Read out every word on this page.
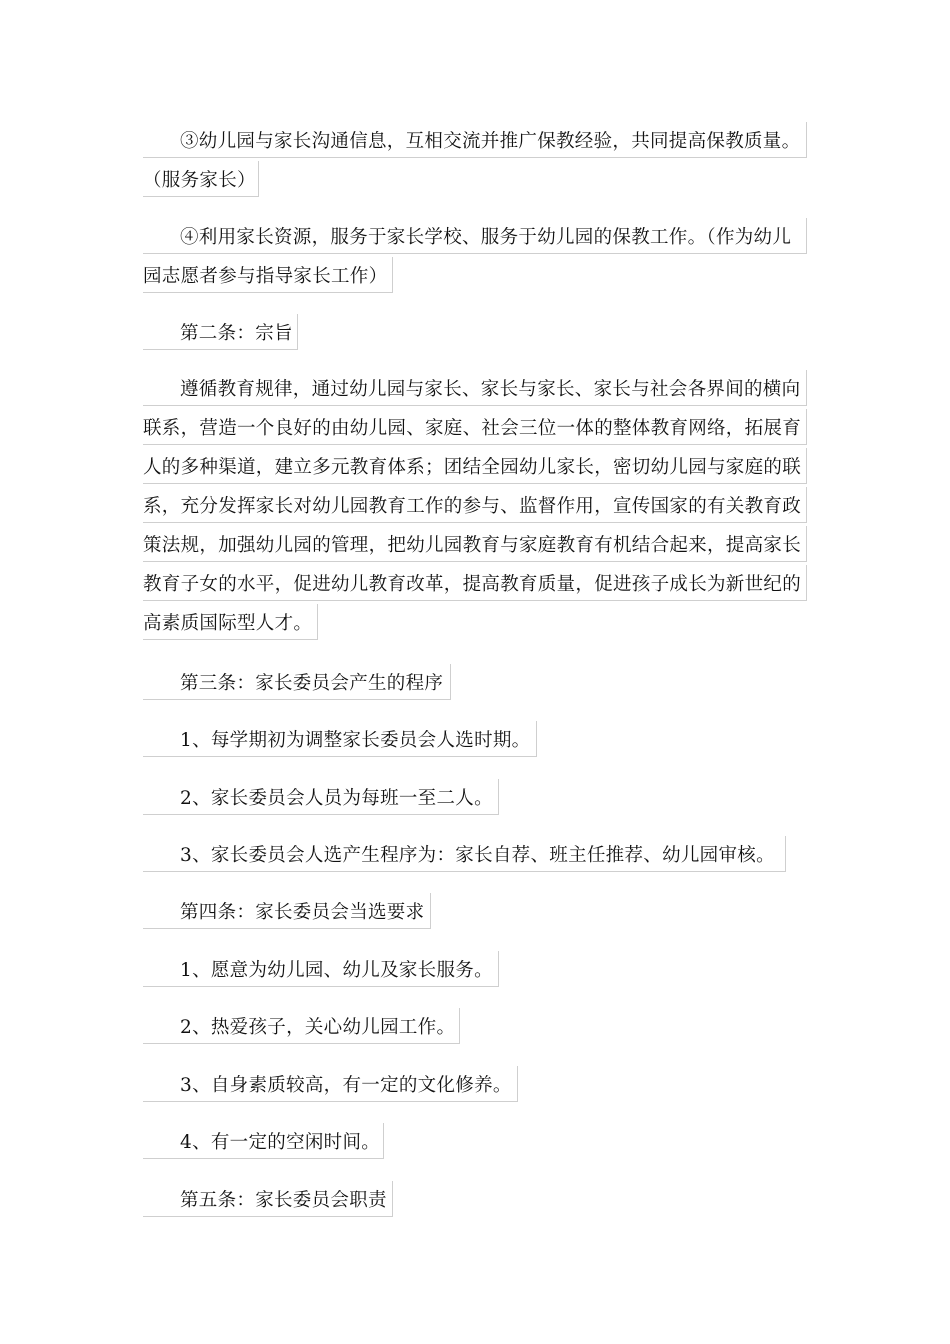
③幼儿园与家长沟通信息，互相交流并推广保教经验，共同提高保教质量。
（服务家长）
④利用家长资源，服务于家长学校、服务于幼儿园的保教工作。（作为幼儿
园志愿者参与指导家长工作）
第二条：宗旨
遵循教育规律，通过幼儿园与家长、家长与家长、家长与社会各界间的横向
联系，营造一个良好的由幼儿园、家庭、社会三位一体的整体教育网络，拓展育
人的多种渠道，建立多元教育体系；团结全园幼儿家长，密切幼儿园与家庭的联
系，充分发挥家长对幼儿园教育工作的参与、监督作用，宣传国家的有关教育政
策法规，加强幼儿园的管理，把幼儿园教育与家庭教育有机结合起来，提高家长
教育子女的水平，促进幼儿教育改革，提高教育质量，促进孩子成长为新世纪的
高素质国际型人才。
第三条：家长委员会产生的程序
1、每学期初为调整家长委员会人选时期。
2、家长委员会人员为每班一至二人。
3、家长委员会人选产生程序为：家长自荐、班主任推荐、幼儿园审核。
第四条：家长委员会当选要求
1、愿意为幼儿园、幼儿及家长服务。
2、热爱孩子，关心幼儿园工作。
3、自身素质较高，有一定的文化修养。
4、有一定的空闲时间。
第五条：家长委员会职责
